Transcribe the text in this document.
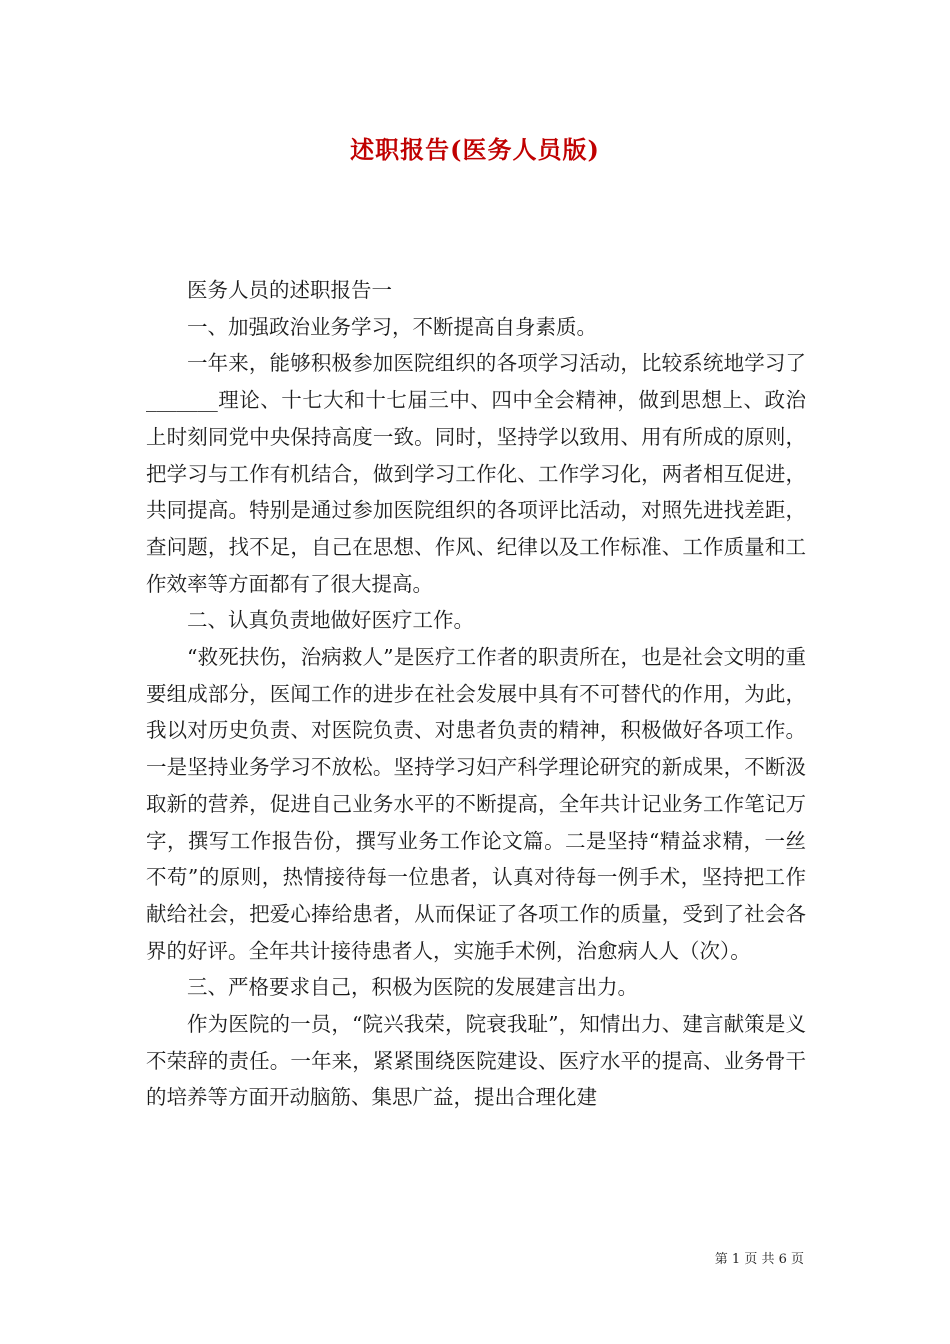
述职报告(医务人员版)

医务人员的述职报告一

一、加强政治业务学习，不断提高自身素质。

一年来，能够积极参加医院组织的各项学习活动，比较系统地学习了_______理论、十七大和十七届三中、四中全会精神，做到思想上、政治上时刻同党中央保持高度一致。同时，坚持学以致用、用有所成的原则，把学习与工作有机结合，做到学习工作化、工作学习化，两者相互促进，共同提高。特别是通过参加医院组织的各项评比活动，对照先进找差距，查问题，找不足，自己在思想、作风、纪律以及工作标准、工作质量和工作效率等方面都有了很大提高。

二、认真负责地做好医疗工作。

“救死扶伤，治病救人”是医疗工作者的职责所在，也是社会文明的重要组成部分，医闻工作的进步在社会发展中具有不可替代的作用，为此，我以对历史负责、对医院负责、对患者负责的精神，积极做好各项工作。一是坚持业务学习不放松。坚持学习妇产科学理论研究的新成果，不断汲取新的营养，促进自己业务水平的不断提高，全年共计记业务工作笔记万字，撰写工作报告份，撰写业务工作论文篇。二是坚持“精益求精，一丝不苟”的原则，热情接待每一位患者，认真对待每一例手术，坚持把工作献给社会，把爱心捧给患者，从而保证了各项工作的质量，受到了社会各界的好评。全年共计接待患者人，实施手术例，治愈病人人（次）。

三、严格要求自己，积极为医院的发展建言出力。

作为医院的一员，“院兴我荣，院衰我耻”，知情出力、建言献策是义不荣辞的责任。一年来，紧紧围绕医院建设、医疗水平的提高、业务骨干的培养等方面开动脑筋、集思广益，提出合理化建

第 1 页 共 6 页
